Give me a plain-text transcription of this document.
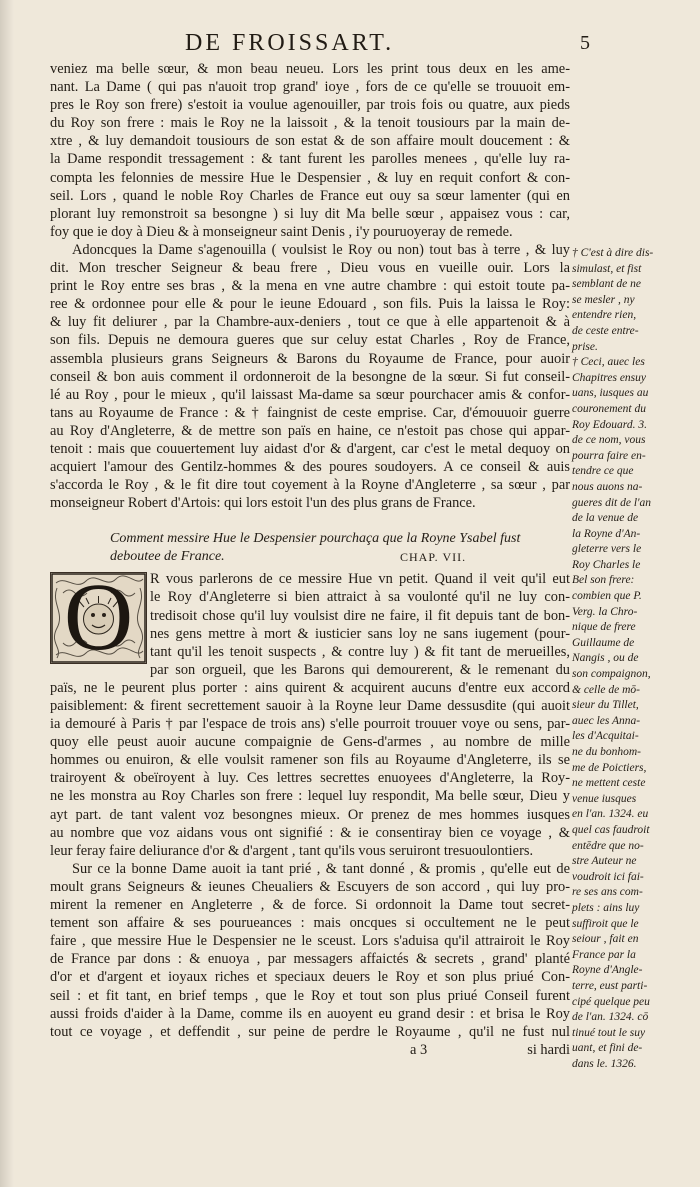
DE FROISSART.	5
veniez ma belle sœur, & mon beau neueu. Lors les print tous deux en les ame-
nant. La Dame ( qui pas n'auoit trop grand' ioye , fors de ce qu'elle se trouuoit em-
pres le Roy son frere) s'estoit ia voulue agenouiller, par trois fois ou quatre, aux pieds
du Roy son frere : mais le Roy ne la laissoit , & la tenoit tousiours par la main de-
xtre , & luy demandoit tousiours de son estat & de son affaire moult doucement : &
la Dame respondit tressagement : & tant furent les parolles menees , qu'elle luy ra-
compta les felonnies de messire Hue le Despensier , & luy en requit confort & con-
seil. Lors , quand le noble Roy Charles de France eut ouy sa sœur lamenter (qui en
plorant luy remonstroit sa besongne ) si luy dit Ma belle sœur , appaisez vous : car,
foy que ie doy à Dieu & à monseigneur saint Denis , i'y pouruoyeray de remede.
Adoncques la Dame s'agenouilla ( voulsist le Roy ou non) tout bas à terre , & luy
dit. Mon trescher Seigneur & beau frere , Dieu vous en vueille ouir. Lors la
print le Roy entre ses bras , & la mena en vne autre chambre : qui estoit toute pa-
ree & ordonnee pour elle & pour le ieune Edouard , son fils. Puis la laissa le Roy:
& luy fit deliurer , par la Chambre-aux-deniers , tout ce que à elle appartenoit & à
son fils. Depuis ne demoura gueres que sur celuy estat Charles , Roy de France,
assembla plusieurs grans Seigneurs & Barons du Royaume de France, pour auoir
conseil & bon auis comment il ordonneroit de la besongne de la sœur. Si fut conseil-
lé au Roy , pour le mieux , qu'il laissast Ma-dame sa sœur pourchacer amis & confor-
tans au Royaume de France : & † faingnist de ceste emprise. Car, d'émouuoir guerre
au Roy d'Angleterre, & de mettre son païs en haine, ce n'estoit pas chose qui appar-
tenoit : mais que couuertement luy aidast d'or & d'argent, car c'est le metal dequoy on
acquiert l'amour des Gentilz-hommes & des poures soudoyers. A ce conseil & auis
s'accorda le Roy , & le fit dire tout coyement à la Royne d'Angleterre , sa sœur , par
monseigneur Robert d'Artois: qui lors estoit l'un des plus grans de France.
Comment messire Hue le Despensier pourchaça que la Royne Ysabel fust
deboutee de France.	CHAP. VII.
O	R vous parlerons de ce messire Hue vn petit. Quand il veit qu'il eut
le Roy d'Angleterre si bien attraict à sa voulonté qu'il ne luy con-
tredisoit chose qu'il luy voulsist dire ne faire, il fit depuis tant de bon-
nes gens mettre à mort & iusticier sans loy ne sans iugement (pour-
tant qu'il les tenoit suspects , & contre luy ) & fit tant de merueilles,
par son orgueil, que les Barons qui demourerent, & le remenant du
païs, ne le peurent plus porter : ains quirent & acquirent aucuns d'entre eux accord
paisiblement: & firent secrettement sauoir à la Royne leur Dame dessusdite (qui auoit
ia demouré à Paris † par l'espace de trois ans) s'elle pourroit trouuer voye ou sens, par-
quoy elle peust auoir aucune compaignie de Gens-d'armes , au nombre de mille
hommes ou enuiron, & elle voulsit ramener son fils au Royaume d'Angleterre, ils se
trairoyent & obeïroyent à luy. Ces lettres secrettes enuoyees d'Angleterre, la Roy-
ne les monstra au Roy Charles son frere : lequel luy respondit, Ma belle sœur, Dieu y
ayt part. de tant valent voz besongnes mieux. Or prenez de mes hommes iusques
au nombre que voz aidans vous ont signifié : & ie consentiray bien ce voyage , &
leur feray faire deliurance d'or & d'argent , tant qu'ils vous seruiront tresuoulontiers.
Sur ce la bonne Dame auoit ia tant prié , & tant donné , & promis , qu'elle eut de
moult grans Seigneurs & ieunes Cheualiers & Escuyers de son accord , qui luy pro-
mirent la remener en Angleterre , & de force. Si ordonnoit la Dame tout secret-
tement son affaire & ses pourueances : mais oncques si occultement ne le peut
faire , que messire Hue le Despensier ne le sceust. Lors s'aduisa qu'il attrairoit le Roy
de France par dons : & enuoya , par messagers affaictés & secrets , grand' planté
d'or et d'argent et ioyaux riches et speciaux deuers le Roy et son plus priué Con-
seil : et fit tant, en brief temps , que le Roy et tout son plus priué Conseil furent
aussi froids d'aider à la Dame, comme ils en auoyent eu grand desir : et brisa le Roy
tout ce voyage , et deffendit , sur peine de perdre le Royaume , qu'il ne fust nul
a 3	si hardi
† C'est à dire dis-
simulast, et fist
semblant de ne
se mesler , ny
entendre rien,
de ceste entre-
prise.
† Ceci, auec les
Chapitres ensuy
uans, iusques au
couronement du
Roy Edouard. 3.
de ce nom, vous
pourra faire en-
tendre ce que
nous auons na-
gueres dit de l'an
de la venue de
la Royne d'An-
gleterre vers le
Roy Charles le
Bel son frere:
combien que P.
Verg. la Chro-
nique de frere
Guillaume de
Nangis , ou de
son compaignon,
& celle de mō-
sieur du Tillet,
auec les Anna-
les d'Acquitai-
ne du bonhom-
me de Poictiers,
ne mettent ceste
venue iusques
en l'an. 1324. eu
quel cas faudroit
entēdre que no-
stre Auteur ne
voudroit ici fai-
re ses ans com-
plets : ains luy
suffiroit que le
seiour , fait en
France par la
Royne d'Angle-
terre, eust parti-
cipé quelque peu
de l'an. 1324. cō
tinué tout le suy
uant, et fini de-
dans le. 1326.
